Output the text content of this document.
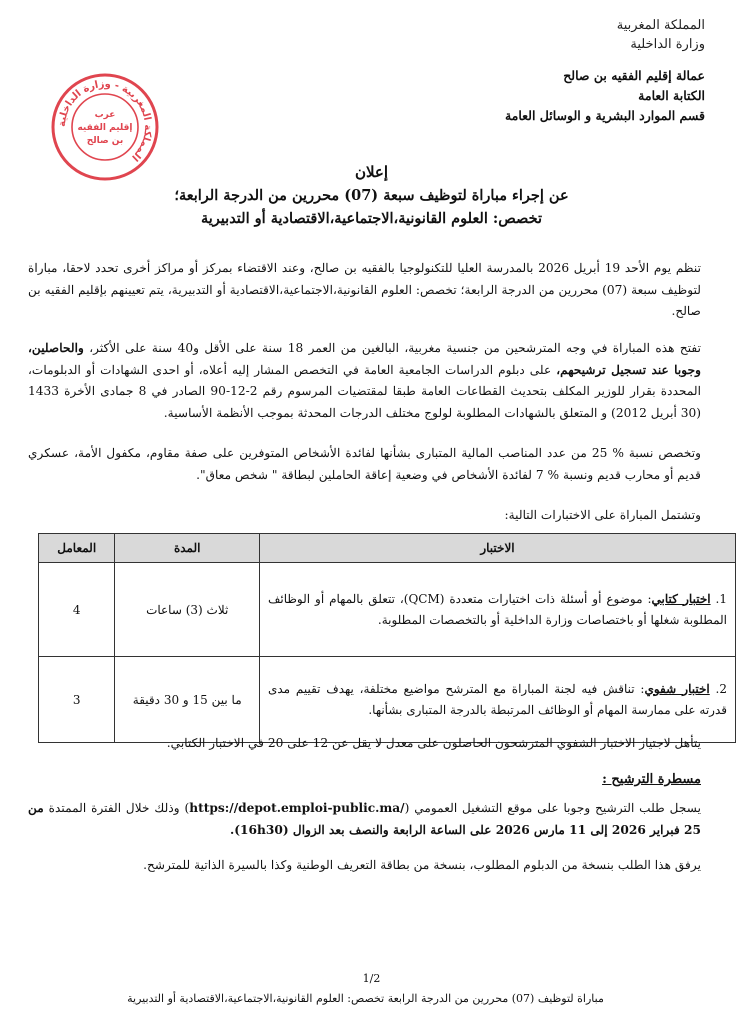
المملكة المغربية
وزارة الداخلية
عمالة إقليم الفقيه بن صالح
الكتابة العامة
قسم الموارد البشرية و الوسائل العامة
المملكة المغربية - وزارة الداخلية
عرب
إقليم الفقيه
بن صالح
إعلان
عن إجراء مباراة لتوظيف سبعة (07) محررين من الدرجة الرابعة؛
تخصص: العلوم القانونية،الاجتماعية،الاقتصادية أو التدبيرية
تنظم يوم الأحد 19 أبريل 2026 بالمدرسة العليا للتكنولوجيا بالفقيه بن صالح، وعند الاقتضاء بمركز أو مراكز أخرى تحدد لاحقا، مباراة لتوظيف سبعة (07) محررين من الدرجة الرابعة؛ تخصص: العلوم القانونية،الاجتماعية،الاقتصادية أو التدبيرية، يتم تعيينهم بإقليم الفقيه بن صالح.
تفتح هذه المباراة في وجه المترشحين من جنسية مغربية، البالغين من العمر 18 سنة على الأقل و40 سنة على الأكثر، والحاصلين، وجوبا عند تسجيل ترشيحهم، على دبلوم الدراسات الجامعية العامة في التخصص المشار إليه أعلاه، أو احدى الشهادات أو الدبلومات، المحددة بقرار للوزير المكلف بتحديث القطاعات العامة طبقا لمقتضيات المرسوم رقم 2-12-90 الصادر في 8 جمادى الأخرة 1433 (30 أبريل 2012) و المتعلق بالشهادات المطلوبة لولوج مختلف الدرجات المحدثة بموجب الأنظمة الأساسية.
وتخصص نسبة % 25 من عدد المناصب المالية المتبارى بشأنها لفائدة الأشخاص المتوفرين على صفة مقاوم، مكفول الأمة، عسكري قديم أو محارب قديم ونسبة % 7 لفائدة الأشخاص في وضعية إعاقة الحاملين لبطاقة " شخص معاق".
وتشتمل المباراة على الاختبارات التالية:
الاختبار	المدة	المعامل
1. اختبار كتابي: موضوع أو أسئلة ذات اختيارات متعددة (QCM)، تتعلق بالمهام أو الوظائف المطلوبة شغلها أو باختصاصات وزارة الداخلية أو بالتخصصات المطلوبة.	ثلاث (3) ساعات	4
2. اختبار شفوي: تناقش فيه لجنة المباراة مع المترشح مواضيع مختلفة، يهدف تقييم مدى قدرته على ممارسة المهام أو الوظائف المرتبطة بالدرجة المتبارى بشأنها.	ما بين 15 و 30 دقيقة	3
يتأهل لاجتياز الاختبار الشفوي المترشحون الحاصلون على معدل لا يقل عن 12 على 20 في الاختبار الكتابي.
مسطرة الترشيح :
يسجل طلب الترشيح وجوبا على موقع التشغيل العمومي (https://depot.emploi-public.ma/) وذلك خلال الفترة الممتدة من 25 فبراير 2026 إلى 11 مارس 2026 على الساعة الرابعة والنصف بعد الزوال (16h30).
يرفق هذا الطلب بنسخة من الدبلوم المطلوب، بنسخة من بطاقة التعريف الوطنية وكذا بالسيرة الذاتية للمترشح.
1/2
مباراة لتوظيف (07) محررين من الدرجة الرابعة تخصص: العلوم القانونية،الاجتماعية،الاقتصادية أو التدبيرية
